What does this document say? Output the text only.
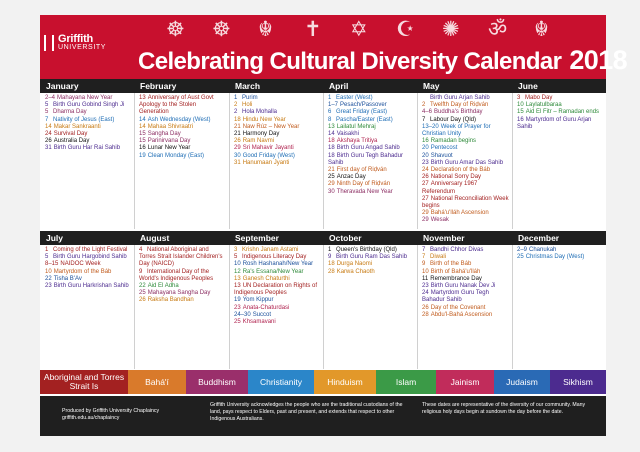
Griffith
UNIVERSITY
☸ ☸ ☬ ✝ ✡ ☪ ✺ ॐ ☬
Celebrating Cultural Diversity Calendar 2018
January
2–4 Mahayana New Year
5 Birth Guru Gobind Singh Ji
5 Dharma Day
7 Nativity of Jesus (East)
14 Makar Sankraanti
24 Survival Day
26 Australia Day
31 Birth Guru Har Rai Sahib
February
13 Anniversary of Aust Govt Apology to the Stolen Generation
14 Ash Wednesday (West)
14 Mahaa Shivraatri
15 Sangha Day
15 Parinirvana Day
16 Lunar New Year
19 Clean Monday (East)
March
1 Purim
2 Holi
2 Hola Mohalla
18 Hindu New Year
21 Naw Rúz – New Year
21 Harmony Day
26 Ram Navmi
29 Sri Mahavir Jayanti
30 Good Friday (West)
31 Hanumaan Jyanti
April
1 Easter (West)
1–7 Pesach/Passover
6 Great Friday (East)
8 Pascha/Easter (East)
13 Lailatul Mehraj
14 Vaisakhi
18 Akshaya Tritiya
18 Birth Guru Angad Sahib
18 Birth Guru Tegh Bahadur Sahib
21 First day of Riḍván
25 Anzac Day
29 Ninth Day of Riḍván
30 Theravada New Year
May
Birth Guru Arjan Sahib
2 Twelfth Day of Riḍván
4–6 Buddha's Birthday
7 Labour Day (Qld)
13–20 Week of Prayer for Christian Unity
16 Ramadan begins
20 Pentecost
20 Shavuot
23 Birth Guru Amar Das Sahib
24 Declaration of the Báb
26 National Sorry Day
27 Anniversary 1967 Referendum
27 National Reconciliation Week begins
29 Bahá'u'lláh Ascension
29 Wesak
June
3 Mabo Day
10 Laylatulbaraa
15 Aid El Fitr – Ramadan ends
16 Martyrdom of Guru Arjan Sahib
July
1 Coming of the Light Festival
5 Birth Guru Hargobind Sahib
8–15 NAIDOC Week
10 Martyrdom of the Báb
22 Tisha B'Av
23 Birth Guru Harkrishan Sahib
August
4 National Aboriginal and Torres Strait Islander Children's Day (NAICD)
9 International Day of the World's Indigenous Peoples
22 Aid El Adha
25 Mahayana Sangha Day
26 Raksha Bandhan
September
3 Krishn Janam Astami
5 Indigenous Literacy Day
10 Rosh Hashanah/New Year
12 Ra's Essana/New Year
13 Ganesh Chaturthi
13 UN Declaration on Rights of Indigenous Peoples
19 Yom Kippur
23 Anata-Chaturdasi
24–30 Succot
25 Khsamavani
October
1 Queen's Birthday (Qld)
9 Birth Guru Ram Das Sahib
18 Durga Naomi
28 Karwa Chaoth
November
7 Bandhi Chhor Divas
7 Diwali
9 Birth of the Báb
10 Birth of Bahá'u'lláh
11 Remembrance Day
23 Birth Guru Nanak Dev Ji
24 Martyrdom Guru Tegh Bahadur Sahib
26 Day of the Covenant
28 Abdu'l-Bahá Ascension
December
2–9 Chanukah
25 Christmas Day (West)
Aboriginal and Torres Strait Is	Bahá'í	Buddhism	Christianity	Hinduism	Islam	Jainism	Judaism	Sikhism
Produced by Griffith University Chaplaincy
griffith.edu.au/chaplaincy
Griffith University acknowledges the people who are the traditional custodians of the land, pays respect to Elders, past and present, and extends that respect to other Indigenous Australians.
These dates are representative of the diversity of our community. Many religious holy days begin at sundown the day before the date.
